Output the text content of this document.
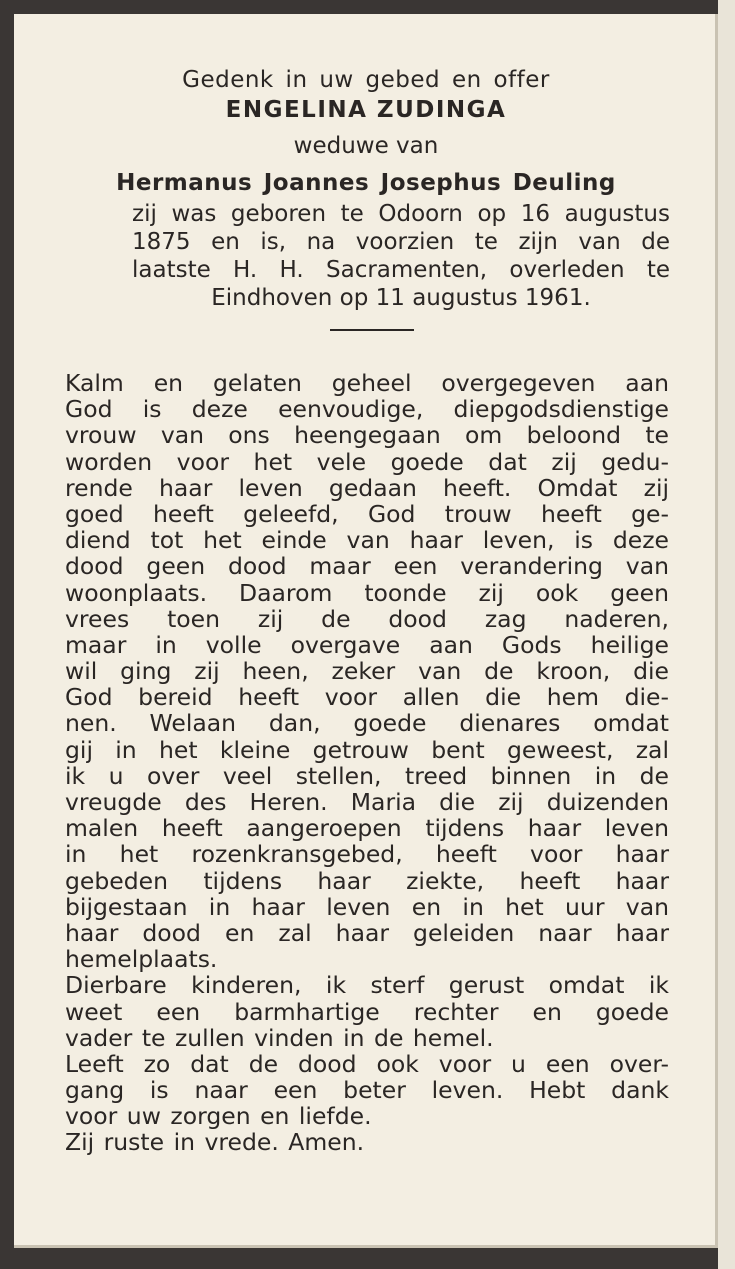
Gedenk in uw gebed en offer
ENGELINA ZUDINGA
weduwe van
Hermanus Joannes Josephus Deuling
zij was geboren te Odoorn op 16 augustus
1875 en is, na voorzien te zijn van de
laatste H. H. Sacramenten, overleden te
Eindhoven op 11 augustus 1961.
Kalm en gelaten geheel overgegeven aan
God is deze eenvoudige, diepgodsdienstige
vrouw van ons heengegaan om beloond te
worden voor het vele goede dat zij gedu-
rende haar leven gedaan heeft. Omdat zij
goed heeft geleefd, God trouw heeft ge-
diend tot het einde van haar leven, is deze
dood geen dood maar een verandering van
woonplaats. Daarom toonde zij ook geen
vrees toen zij de dood zag naderen,
maar in volle overgave aan Gods heilige
wil ging zij heen, zeker van de kroon, die
God bereid heeft voor allen die hem die-
nen. Welaan dan, goede dienares omdat
gij in het kleine getrouw bent geweest, zal
ik u over veel stellen, treed binnen in de
vreugde des Heren. Maria die zij duizenden
malen heeft aangeroepen tijdens haar leven
in het rozenkransgebed, heeft voor haar
gebeden tijdens haar ziekte, heeft haar
bijgestaan in haar leven en in het uur van
haar dood en zal haar geleiden naar haar
hemelplaats.
Dierbare kinderen, ik sterf gerust omdat ik
weet een barmhartige rechter en goede
vader te zullen vinden in de hemel.
Leeft zo dat de dood ook voor u een over-
gang is naar een beter leven. Hebt dank
voor uw zorgen en liefde.
Zij ruste in vrede. Amen.
